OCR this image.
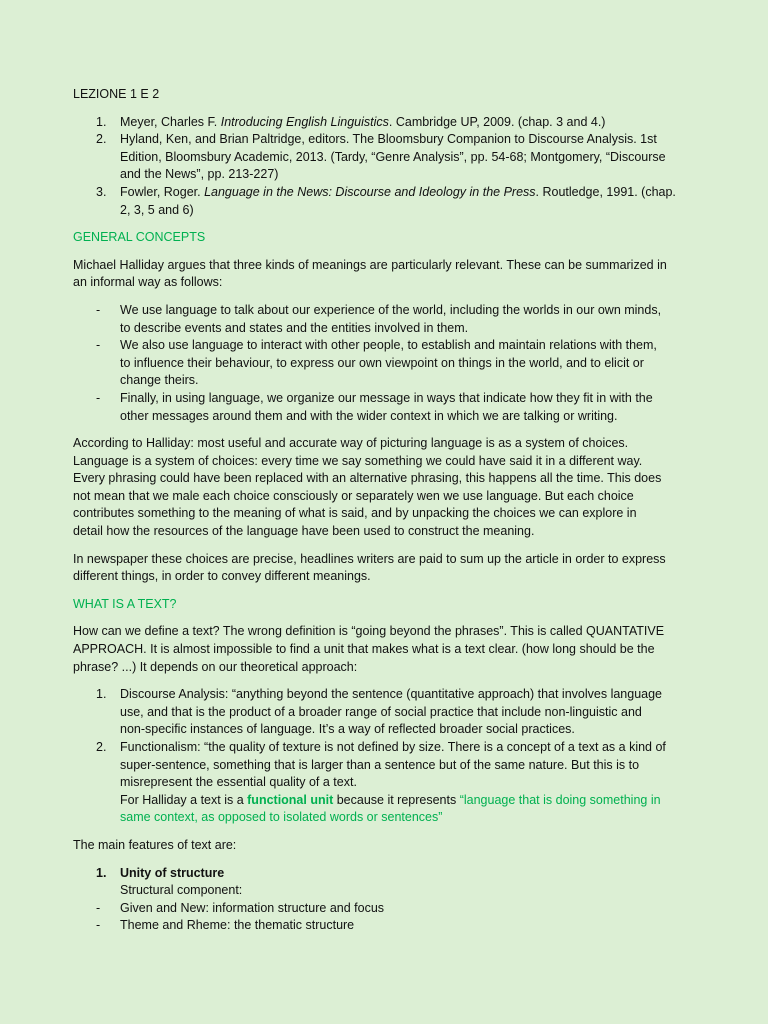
LEZIONE 1 E 2
1.	Meyer, Charles F. Introducing English Linguistics. Cambridge UP, 2009. (chap. 3 and 4.)
2.	Hyland, Ken, and Brian Paltridge, editors. The Bloomsbury Companion to Discourse Analysis. 1st
Edition, Bloomsbury Academic, 2013. (Tardy, “Genre Analysis”, pp. 54-68; Montgomery, “Discourse
and the News”, pp. 213-227)
3.	Fowler, Roger. Language in the News: Discourse and Ideology in the Press. Routledge, 1991. (chap.
2, 3, 5 and 6)
GENERAL CONCEPTS
Michael Halliday argues that three kinds of meanings are particularly relevant. These can be summarized in
an informal way as follows:
-	We use language to talk about our experience of the world, including the worlds in our own minds,
to describe events and states and the entities involved in them.
-	We also use language to interact with other people, to establish and maintain relations with them,
to influence their behaviour, to express our own viewpoint on things in the world, and to elicit or
change theirs.
-	Finally, in using language, we organize our message in ways that indicate how they fit in with the
other messages around them and with the wider context in which we are talking or writing.
According to Halliday: most useful and accurate way of picturing language is as a system of choices.
Language is a system of choices: every time we say something we could have said it in a different way.
Every phrasing could have been replaced with an alternative phrasing, this happens all the time. This does
not mean that we male each choice consciously or separately wen we use language. But each choice
contributes something to the meaning of what is said, and by unpacking the choices we can explore in
detail how the resources of the language have been used to construct the meaning.
In newspaper these choices are precise, headlines writers are paid to sum up the article in order to express
different things, in order to convey different meanings.
WHAT IS A TEXT?
How can we define a text? The wrong definition is “going beyond the phrases”. This is called QUANTATIVE
APPROACH. It is almost impossible to find a unit that makes what is a text clear. (how long should be the
phrase? ...) It depends on our theoretical approach:
1.	Discourse Analysis: “anything beyond the sentence (quantitative approach) that involves language
use, and that is the product of a broader range of social practice that include non-linguistic and
non-specific instances of language. It’s a way of reflected broader social practices.
2.	Functionalism: “the quality of texture is not defined by size. There is a concept of a text as a kind of
super-sentence, something that is larger than a sentence but of the same nature. But this is to
misrepresent the essential quality of a text.
For Halliday a text is a functional unit because it represents “language that is doing something in
same context, as opposed to isolated words or sentences”
The main features of text are:
1.	Unity of structure
Structural component:
-	Given and New: information structure and focus
-	Theme and Rheme: the thematic structure
